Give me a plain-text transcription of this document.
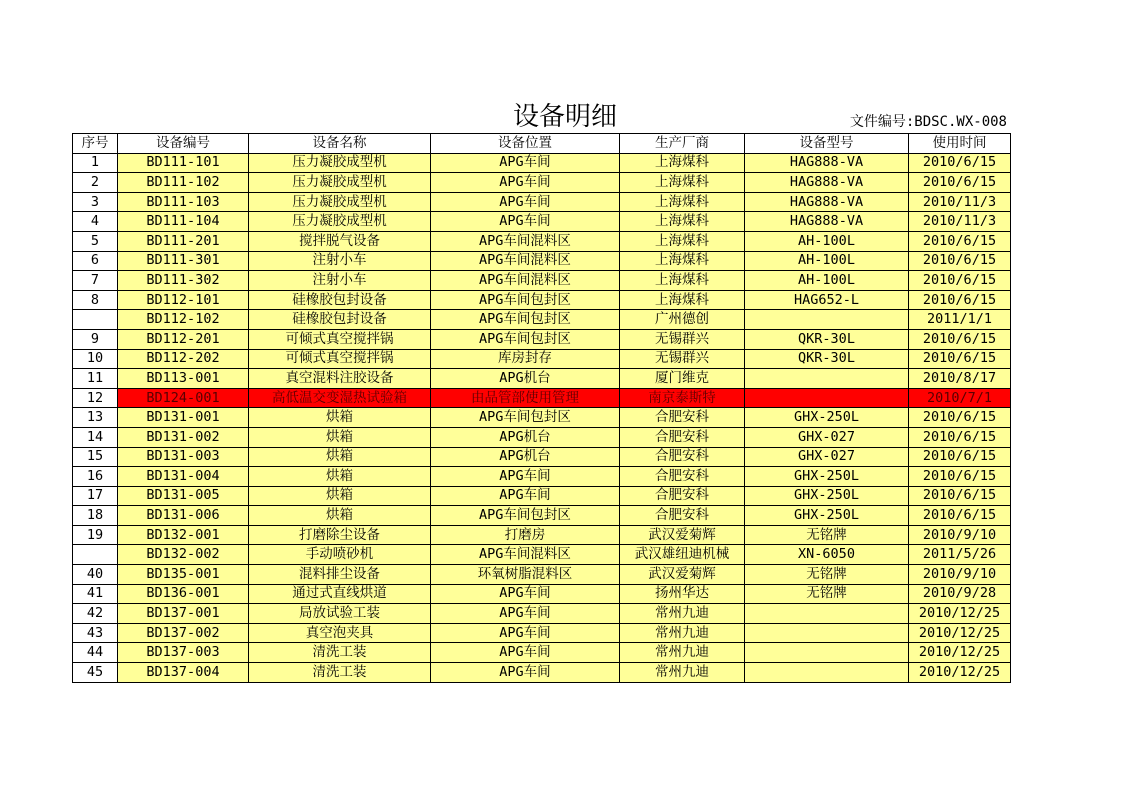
设备明细	文件编号:BDSC.WX-008
序号	设备编号	设备名称	设备位置	生产厂商	设备型号	使用时间
1	BD111-101	压力凝胶成型机	APG车间	上海煤科	HAG888-VA	2010/6/15
2	BD111-102	压力凝胶成型机	APG车间	上海煤科	HAG888-VA	2010/6/15
3	BD111-103	压力凝胶成型机	APG车间	上海煤科	HAG888-VA	2010/11/3
4	BD111-104	压力凝胶成型机	APG车间	上海煤科	HAG888-VA	2010/11/3
5	BD111-201	搅拌脱气设备	APG车间混料区	上海煤科	AH-100L	2010/6/15
6	BD111-301	注射小车	APG车间混料区	上海煤科	AH-100L	2010/6/15
7	BD111-302	注射小车	APG车间混料区	上海煤科	AH-100L	2010/6/15
8	BD112-101	硅橡胶包封设备	APG车间包封区	上海煤科	HAG652-L	2010/6/15
	BD112-102	硅橡胶包封设备	APG车间包封区	广州德创		2011/1/1
9	BD112-201	可倾式真空搅拌锅	APG车间包封区	无锡群兴	QKR-30L	2010/6/15
10	BD112-202	可倾式真空搅拌锅	库房封存	无锡群兴	QKR-30L	2010/6/15
11	BD113-001	真空混料注胶设备	APG机台	厦门维克		2010/8/17
12	BD124-001	高低温交变湿热试验箱	由品管部使用管理	南京泰斯特		2010/7/1
13	BD131-001	烘箱	APG车间包封区	合肥安科	GHX-250L	2010/6/15
14	BD131-002	烘箱	APG机台	合肥安科	GHX-027	2010/6/15
15	BD131-003	烘箱	APG机台	合肥安科	GHX-027	2010/6/15
16	BD131-004	烘箱	APG车间	合肥安科	GHX-250L	2010/6/15
17	BD131-005	烘箱	APG车间	合肥安科	GHX-250L	2010/6/15
18	BD131-006	烘箱	APG车间包封区	合肥安科	GHX-250L	2010/6/15
19	BD132-001	打磨除尘设备	打磨房	武汉爱菊辉	无铭牌	2010/9/10
	BD132-002	手动喷砂机	APG车间混料区	武汉雄纽迪机械	XN-6050	2011/5/26
40	BD135-001	混料排尘设备	环氧树脂混料区	武汉爱菊辉	无铭牌	2010/9/10
41	BD136-001	通过式直线烘道	APG车间	扬州华达	无铭牌	2010/9/28
42	BD137-001	局放试验工装	APG车间	常州九迪		2010/12/25
43	BD137-002	真空泡夹具	APG车间	常州九迪		2010/12/25
44	BD137-003	清洗工装	APG车间	常州九迪		2010/12/25
45	BD137-004	清洗工装	APG车间	常州九迪		2010/12/25
